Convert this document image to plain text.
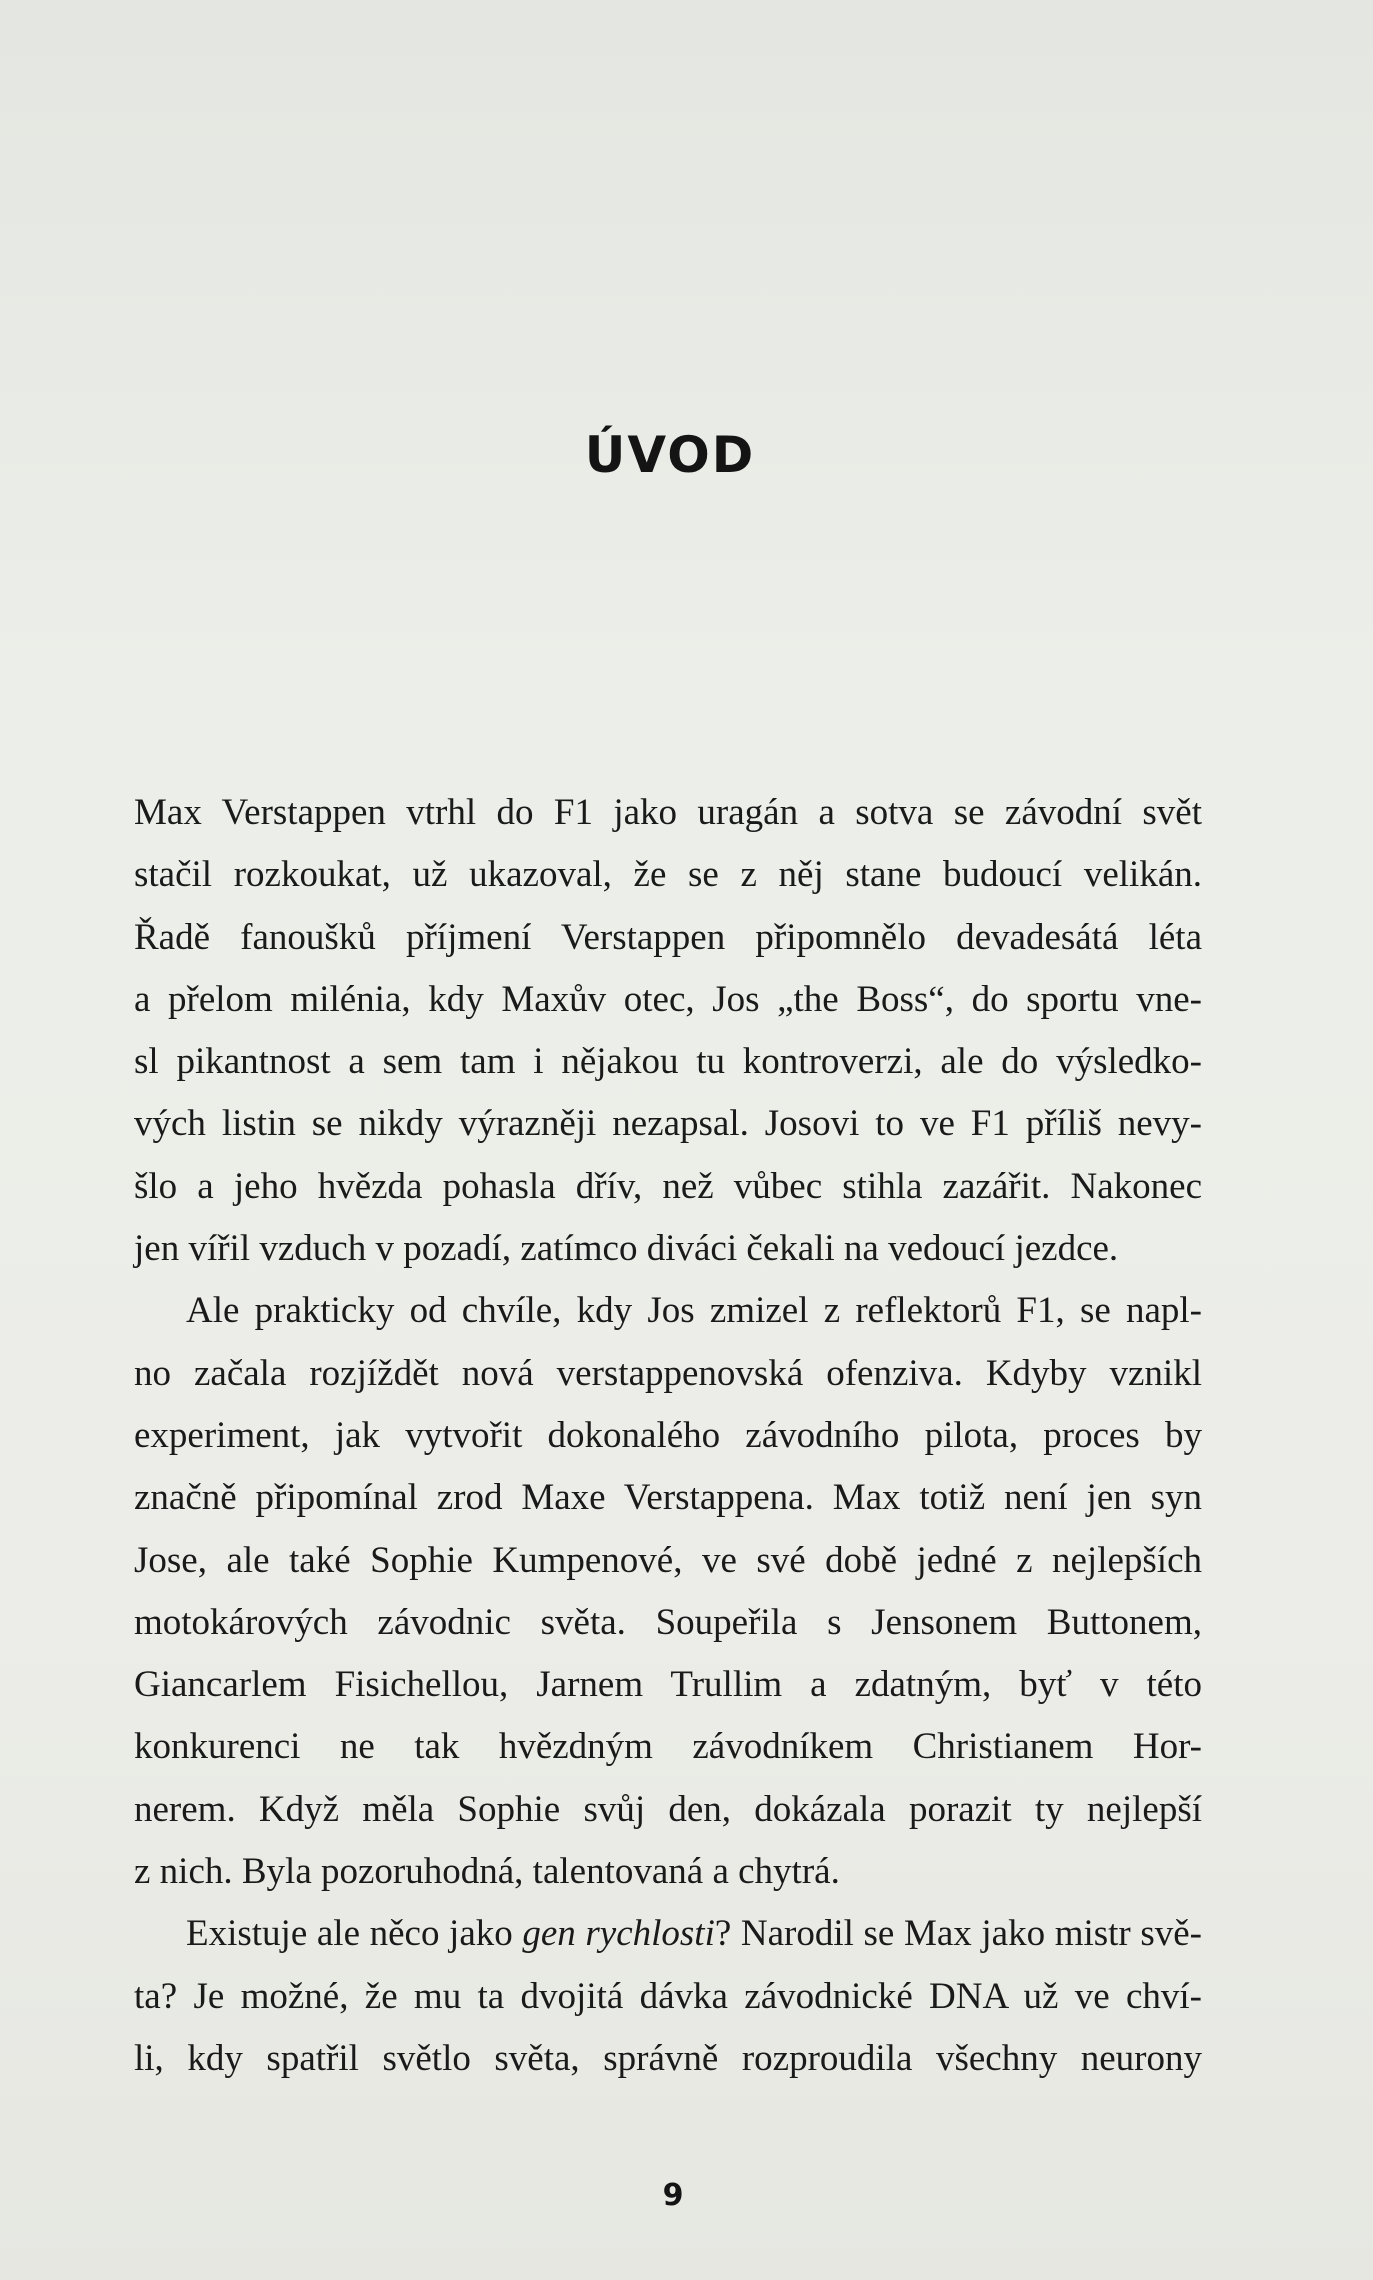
ÚVOD

Max Verstappen vtrhl do F1 jako uragán a sotva se závodní svět
stačil rozkoukat, už ukazoval, že se z něj stane budoucí velikán.
Řadě fanoušků příjmení Verstappen připomnělo devadesátá léta
a přelom milénia, kdy Maxův otec, Jos „the Boss“, do sportu vne-
sl pikantnost a sem tam i nějakou tu kontroverzi, ale do výsledko-
vých listin se nikdy výrazněji nezapsal. Josovi to ve F1 příliš nevy-
šlo a jeho hvězda pohasla dřív, než vůbec stihla zazářit. Nakonec
jen vířil vzduch v pozadí, zatímco diváci čekali na vedoucí jezdce.

Ale prakticky od chvíle, kdy Jos zmizel z reflektorů F1, se napl-
no začala rozjíždět nová verstappenovská ofenziva. Kdyby vznikl
experiment, jak vytvořit dokonalého závodního pilota, proces by
značně připomínal zrod Maxe Verstappena. Max totiž není jen syn
Jose, ale také Sophie Kumpenové, ve své době jedné z nejlepších
motokárových závodnic světa. Soupeřila s Jensonem Buttonem,
Giancarlem Fisichellou, Jarnem Trullim a zdatným, byť v této
konkurenci ne tak hvězdným závodníkem Christianem Hor-
nerem. Když měla Sophie svůj den, dokázala porazit ty nejlepší
z nich. Byla pozoruhodná, talentovaná a chytrá.

Existuje ale něco jako gen rychlosti? Narodil se Max jako mistr svě-
ta? Je možné, že mu ta dvojitá dávka závodnické DNA už ve chví-
li, kdy spatřil světlo světa, správně rozproudila všechny neurony

9
